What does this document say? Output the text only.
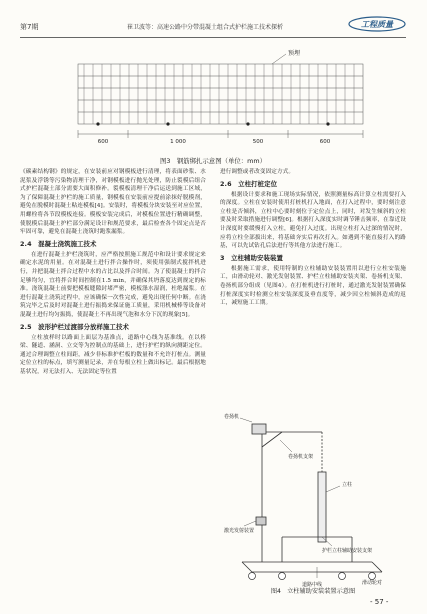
第7期	崔卫波等：高速公路中分带混凝土组合式护栏施工技术探析	工程质量
预埋
600	1 000	500	600
图3　钢筋绑扎示意图（单位：mm）

《碳素结构钢》的规定，在安装前应对钢模板进行清理，将表面砂浆、水泥浆及浮锈等污染物清理干净，对钢模板进行抛光处理，防止裂模后组合式护栏混凝土部分需要大面积修补。裂模板清理干净后运送到施工区域，为了保障混凝土护栏的施工质量，钢模板在安装前应提前涂抹好脱模剂，避免在脱模时混凝土粘连模板[4]。安装时，将模板分块安装至对应位置，用螺栓将各节段模板连接。模板安装完成后，对模板位置进行精确调整，使脱模后混凝土护栏部分满足设计和规范要求，最后检查各个固定点是否牢固可靠，避免在混凝土浇筑时跑浆漏浆。

2.4　混凝土浇筑施工技术

在进行混凝土护栏浇筑时，应严格按照施工规范中和设计要求规定来确定水泥的用量。在对混凝土进行拌合操作时，须使用强制式搅拌机进行，并把混凝土拌合过程中水的占比以及拌合时间。为了使混凝土的拌合足够均匀，宜将拌合时间控制在1.5 min，并确保其坍落度达到规定的标准。浇筑混凝土前要把模板缝隙封堵严密，模板涤水湿润，杜绝漏浆。在进行混凝土浇筑过程中，应该确保一次性完成，避免出现任何中断。在浇筑完毕之后及时对混凝土进行振捣来保证施工质量，采用机械棒等设备对混凝土进行均匀振捣，使混凝土不再出现气泡和水分下沉的现象[5]。

2.5　波形护栏过渡部分放样施工技术

立柱放样时以路面上面层为基准点，道路中心线为基准线。在以桥梁、隧道、涵洞、立交等为控制点的基础上，进行护栏的纵向测距定位。通过合理调整立柱间距，减少非标准护栏板的数量和不允许打桩点。测量定位立柱的标点，填写测量记录，并在每根立柱上做出标记。最后根据地基状况，对无法打入、无法固定等位置

进行调整或者改变固定方式。

2.6　立柱打桩定位

根据设计要求和施工现场实际情况，依照测量标高计算立柱需要打入的深度。立柱在安装时使用打桩机打入地面，在打入过程中，要时刻注意立柱是否倾斜，立柱中心要时刻位于定位点上，同时，对发生倾斜的立柱要及时采取措施进行调整[6]。根据打入深度实时调节锤击频率，在靠近设计深度时要缓慢打入立柱，避免打入过度。出现立柱打入过深的情况时，应将立柱全部拔出来，将基础夯实后再次打入。如遇到不能直接打入的路基，可以先试钻孔后法进行等其他方法进行施工。

3　立柱辅助安装装置

根据施工需求，使用特制的立柱辅助安装装置用以进行立柱安装施工，由滑动轮对、激光发射装置、护栏立柱辅助安装夹架、卷扬机支架、卷扬机部分组成（见图4）。在打桩机进行打桩时，通过激光发射装置确保打桩深度实时检测立柱安装深度及垂直度等，减少因立柱倾斜造成的返工，减短施工工期。

卷扬机
卷扬机支架
立柱
激光发射装置
护栏立柱辅助安装支架
道路中线	滑动轮对
图4　立柱辅助安装装置示意图
- 57 -
